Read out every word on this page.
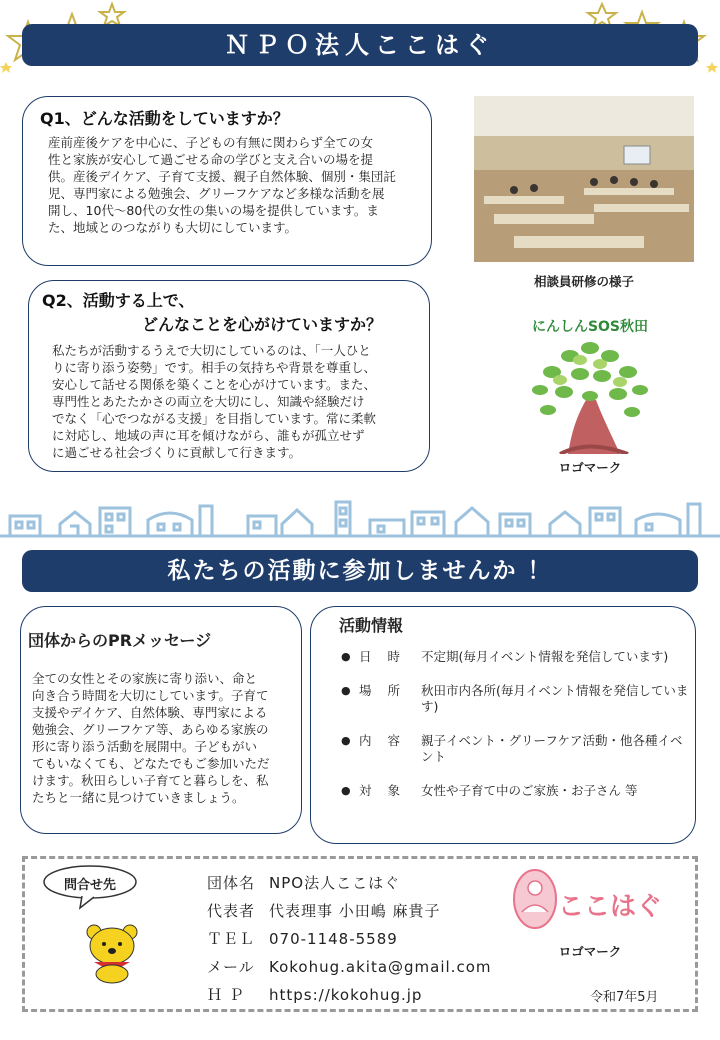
ＮＰＯ法人ここはぐ
Q1、どんな活動をしていますか？
産前産後ケアを中心に、子どもの有無に関わらず全ての女
性と家族が安心して過ごせる命の学びと支え合いの場を提
供。産後デイケア、子育て支援、親子自然体験、個別・集団託
児、専門家による勉強会、グリーフケアなど多様な活動を展
開し、10代～80代の女性の集いの場を提供しています。ま
た、地域とのつながりも大切にしています。
相談員研修の様子
Q2、活動する上で、
どんなことを心がけていますか？
私たちが活動するうえで大切にしているのは、「一人ひと
りに寄り添う姿勢」です。相手の気持ちや背景を尊重し、
安心して話せる関係を築くことを心がけています。また、
専門性とあたたかさの両立を大切にし、知識や経験だけ
でなく「心でつながる支援」を目指しています。常に柔軟
に対応し、地域の声に耳を傾けながら、誰もが孤立せず
に過ごせる社会づくりに貢献して行きます。
にんしんSOS秋田
ロゴマーク
私たちの活動に参加しませんか ！
団体からのPRメッセージ
全ての女性とその家族に寄り添い、命と
向き合う時間を大切にしています。子育て
支援やデイケア、自然体験、専門家による
勉強会、グリーフケア等、あらゆる家族の
形に寄り添う活動を展開中。子どもがい
てもいなくても、どなたでもご参加いただ
けます。秋田らしい子育てと暮らしを、私
たちと一緒に見つけていきましょう。
活動情報
● 日 時 不定期(毎月イベント情報を発信しています)
● 場 所 秋田市内各所(毎月イベント情報を発信しています)
● 内 容 親子イベント・グリーフケア活動・他各種イベント
● 対 象 女性や子育て中のご家族・お子さん 等
問合せ先	団体名 NPO法人ここはぐ
代表者 代表理事 小田嶋 麻貴子
ＴＥＬ 070-1148-5589
メール Kokohug.akita@gmail.com
Ｈ Ｐ https://kokohug.jp
ここはぐ
ロゴマーク
令和7年5月
